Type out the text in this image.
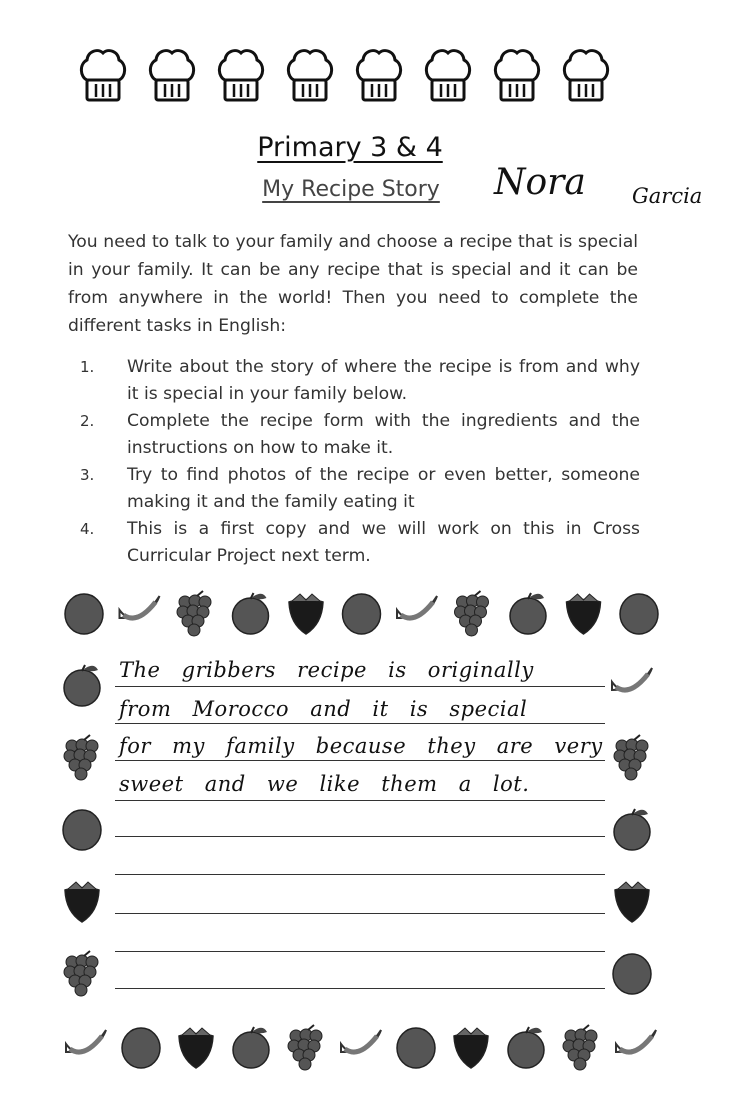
Primary 3 & 4
My Recipe Story	Nora Garcia
You need to talk to your family and choose a recipe that is special in your family. It can be any recipe that is special and it can be from anywhere in the world! Then you need to complete the different tasks in English:
1.	Write about the story of where the recipe is from and why it is special in your family below.
2.	Complete the recipe form with the ingredients and the instructions on how to make it.
3.	Try to find photos of the recipe or even better, someone making it and the family eating it
4.	This is a first copy and we will work on this in Cross Curricular Project next term.
The gribbers recipe is originally
from Morocco and it is special
for my family because they are very
sweet and we like them a lot.
